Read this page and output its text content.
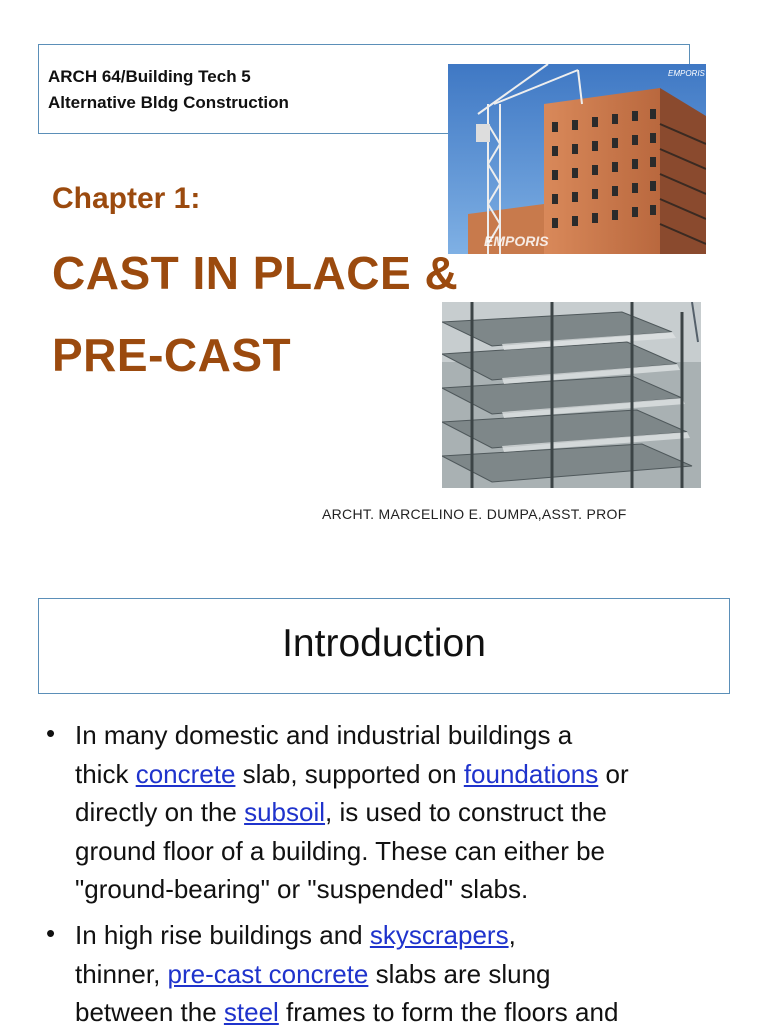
ARCH 64/Building Tech 5
Alternative Bldg Construction
EMPORIS
EMPORIS
Chapter 1:
CAST IN PLACE &
PRE-CAST
ARCHT. MARCELINO E. DUMPA,ASST. PROF
Introduction
• In many domestic and industrial buildings a
thick concrete slab, supported on foundations or
directly on the subsoil, is used to construct the
ground floor of a building. These can either be
"ground-bearing" or "suspended" slabs.
• In high rise buildings and skyscrapers,
thinner, pre-cast concrete slabs are slung
between the steel frames to form the floors and
